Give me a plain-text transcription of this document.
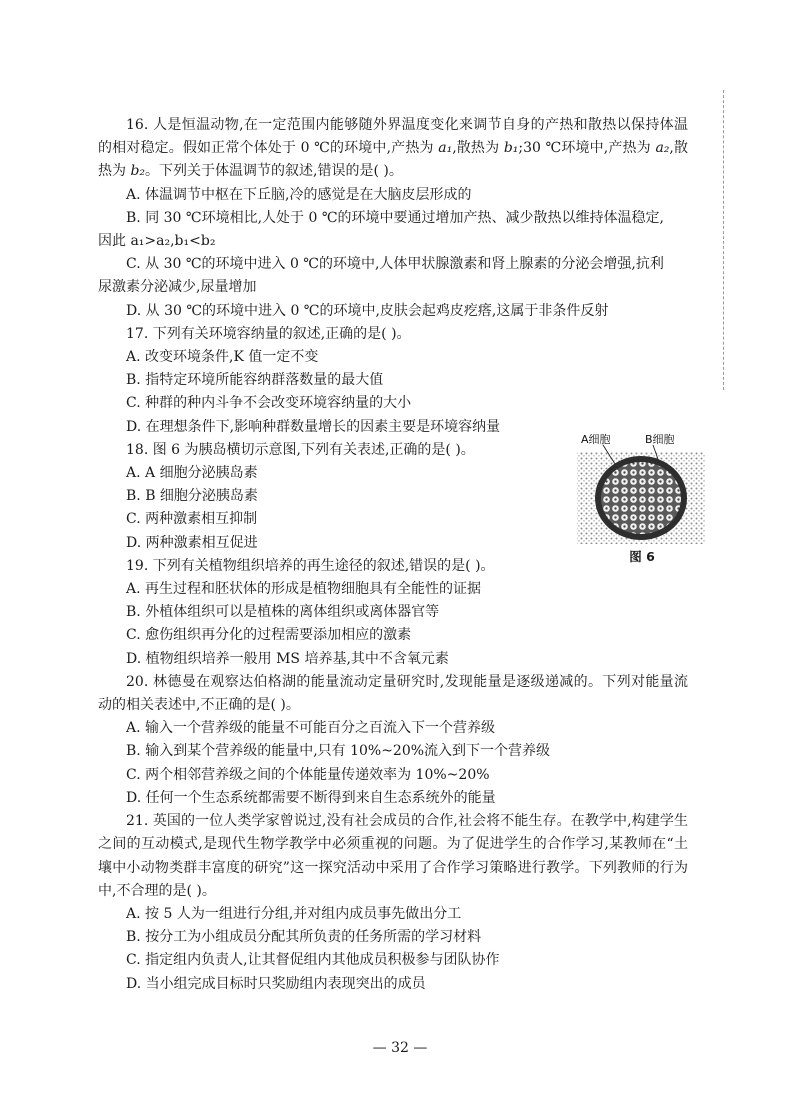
16. 人是恒温动物,在一定范围内能够随外界温度变化来调节自身的产热和散热以保持体温的相对稳定。假如正常个体处于 0 ℃的环境中,产热为 a₁,散热为 b₁;30 ℃环境中,产热为 a₂,散热为 b₂。下列关于体温调节的叙述,错误的是( )。

A. 体温调节中枢在下丘脑,冷的感觉是在大脑皮层形成的

B. 同 30 ℃环境相比,人处于 0 ℃的环境中要通过增加产热、减少散热以维持体温稳定,

因此 a₁>a₂,b₁<b₂

C. 从 30 ℃的环境中进入 0 ℃的环境中,人体甲状腺激素和肾上腺素的分泌会增强,抗利

尿激素分泌减少,尿量增加

D. 从 30 ℃的环境中进入 0 ℃的环境中,皮肤会起鸡皮疙瘩,这属于非条件反射

17. 下列有关环境容纳量的叙述,正确的是( )。

A. 改变环境条件,K 值一定不变

B. 指特定环境所能容纳群落数量的最大值

C. 种群的种内斗争不会改变环境容纳量的大小

D. 在理想条件下,影响种群数量增长的因素主要是环境容纳量

18. 图 6 为胰岛横切示意图,下列有关表述,正确的是( )。

A. A 细胞分泌胰岛素

B. B 细胞分泌胰岛素

C. 两种激素相互抑制

D. 两种激素相互促进

19. 下列有关植物组织培养的再生途径的叙述,错误的是( )。

A. 再生过程和胚状体的形成是植物细胞具有全能性的证据

B. 外植体组织可以是植株的离体组织或离体器官等

C. 愈伤组织再分化的过程需要添加相应的激素

D. 植物组织培养一般用 MS 培养基,其中不含氧元素

20. 林德曼在观察达伯格湖的能量流动定量研究时,发现能量是逐级递减的。下列对能量流动的相关表述中,不正确的是( )。

A. 输入一个营养级的能量不可能百分之百流入下一个营养级

B. 输入到某个营养级的能量中,只有 10%~20%流入到下一个营养级

C. 两个相邻营养级之间的个体能量传递效率为 10%~20%

D. 任何一个生态系统都需要不断得到来自生态系统外的能量

21. 英国的一位人类学家曾说过,没有社会成员的合作,社会将不能生存。在教学中,构建学生之间的互动模式,是现代生物学教学中必须重视的问题。为了促进学生的合作学习,某教师在“土壤中小动物类群丰富度的研究”这一探究活动中采用了合作学习策略进行教学。下列教师的行为中,不合理的是( )。

A. 按 5 人为一组进行分组,并对组内成员事先做出分工

B. 按分工为小组成员分配其所负责的任务所需的学习材料

C. 指定组内负责人,让其督促组内其他成员积极参与团队协作

D. 当小组完成目标时只奖励组内表现突出的成员

A细胞	B细胞
图 6
— 32 —
